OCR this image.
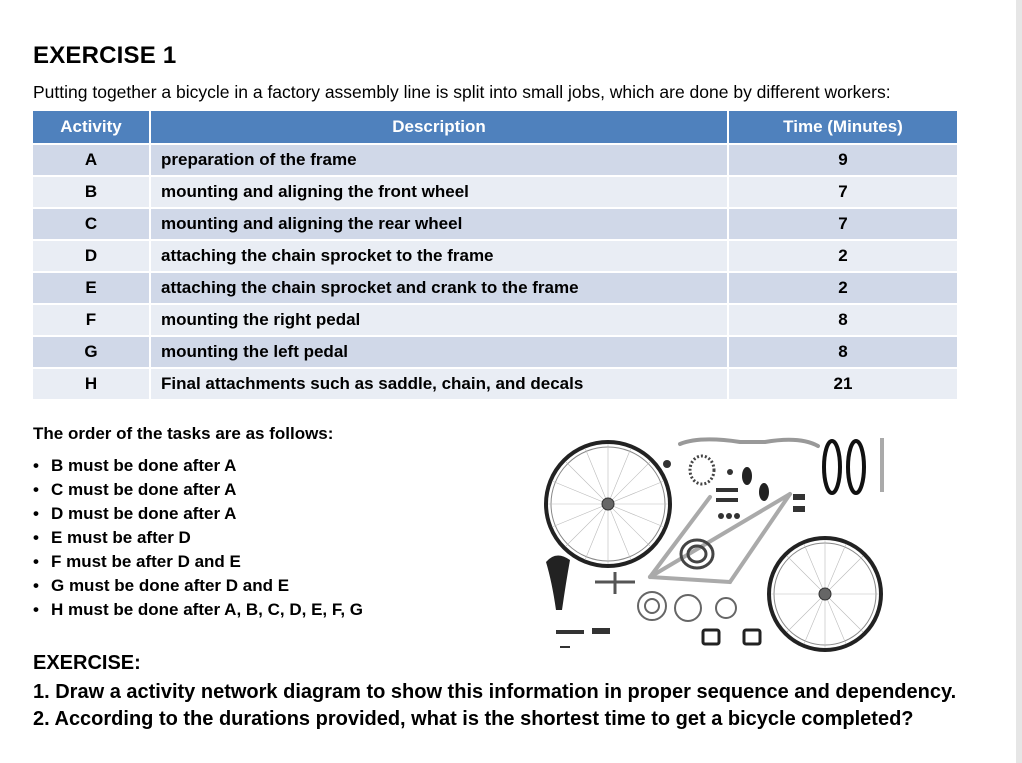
EXERCISE 1
Putting together a bicycle in a factory assembly line is split into small jobs, which are done by different workers:
Activity	Description	Time (Minutes)
A	preparation of the frame	9
B	mounting and aligning the front wheel	7
C	mounting and aligning the rear wheel	7
D	attaching the chain sprocket to the frame	2
E	attaching the chain sprocket and crank to the frame	2
F	mounting the right pedal	8
G	mounting the left pedal	8
H	Final attachments such as saddle, chain, and decals	21
The order of the tasks are as follows:
• B must be done after A
• C must be done after A
• D must be done after A
• E must be after D
• F must be after D and E
• G must be done after D and E
• H must be done after A, B, C, D, E, F, G
EXERCISE:
1. Draw a activity network diagram to show this information in proper sequence and dependency.
2. According to the durations provided, what is the shortest time to get a bicycle completed?
